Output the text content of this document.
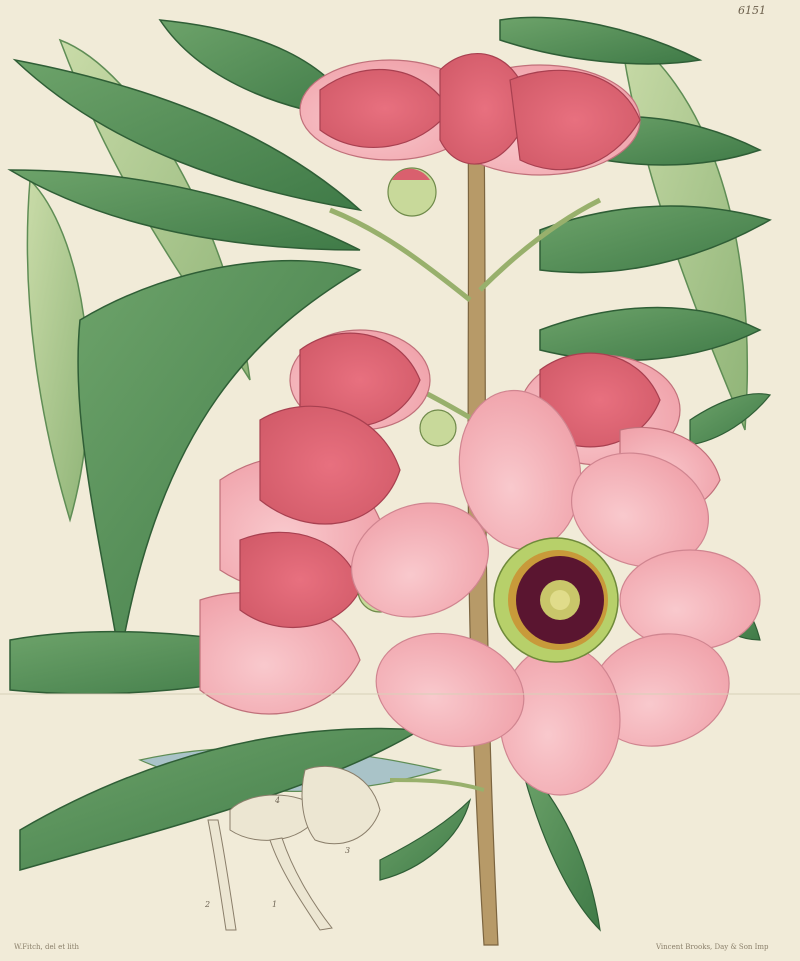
6151
4
3
1
2
W.Fitch, del et lith	Vincent Brooks, Day & Son Imp
